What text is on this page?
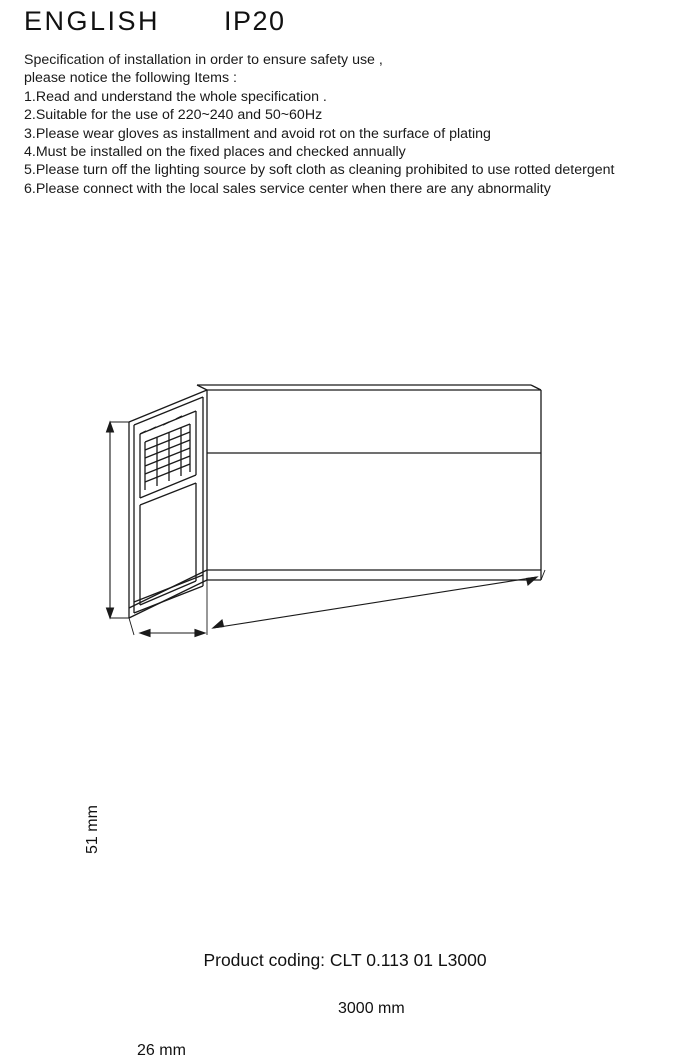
ENGLISH IP20

Specification of installation in order to ensure safety use ,

please notice the following Items :

1.Read and understand the whole specification .

2.Suitable for the use of 220~240 and 50~60Hz

3.Please wear gloves as installment and avoid rot on the surface of plating

4.Must be installed on the fixed places and checked annually

5.Please turn off the lighting source by soft cloth as cleaning prohibited to use rotted detergent

6.Please connect with the local sales service center when there are any abnormality

51 mm
26 mm
3000 mm
Product coding: CLT 0.113 01 L3000
